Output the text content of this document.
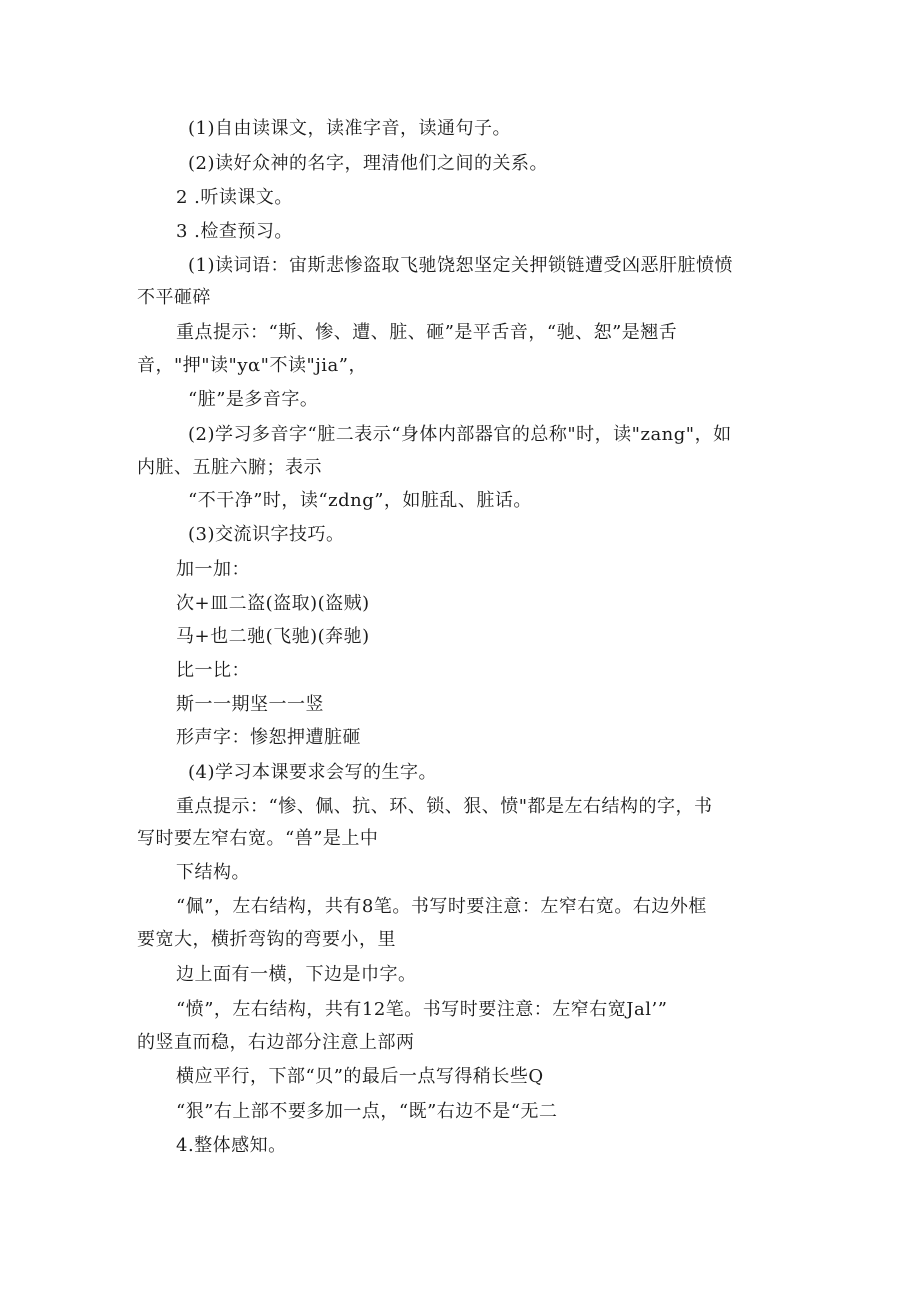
(1)自由读课文，读准字音，读通句子。
(2)读好众神的名字，理清他们之间的关系。
2 .听读课文。
3 .检查预习。
(1)读词语：宙斯悲惨盗取飞驰饶恕坚定关押锁链遭受凶恶肝脏愤愤
不平砸碎
重点提示：“斯、惨、遭、脏、砸”是平舌音，“驰、恕”是翘舌
音，"押"读"yα"不读"jia”，
“脏”是多音字。
(2)学习多音字“脏二表示“身体内部器官的总称"时，读"zang"，如
内脏、五脏六腑；表示
“不干净”时，读“zdng”，如脏乱、脏话。
(3)交流识字技巧。
加一加：
次+皿二盗(盗取)(盗贼)
马+也二驰(飞驰)(奔驰)
比一比：
斯一一期坚一一竖
形声字：惨恕押遭脏砸
(4)学习本课要求会写的生字。
重点提示：“惨、佩、抗、环、锁、狠、愤"都是左右结构的字，书
写时要左窄右宽。“兽”是上中
下结构。
“佩”，左右结构，共有8笔。书写时要注意：左窄右宽。右边外框
要宽大，横折弯钩的弯要小，里
边上面有一横，下边是巾字。
“愤”，左右结构，共有12笔。书写时要注意：左窄右宽Jal’”
的竖直而稳，右边部分注意上部两
横应平行，下部“贝”的最后一点写得稍长些Q
“狠”右上部不要多加一点，“既”右边不是“无二
4.整体感知。
